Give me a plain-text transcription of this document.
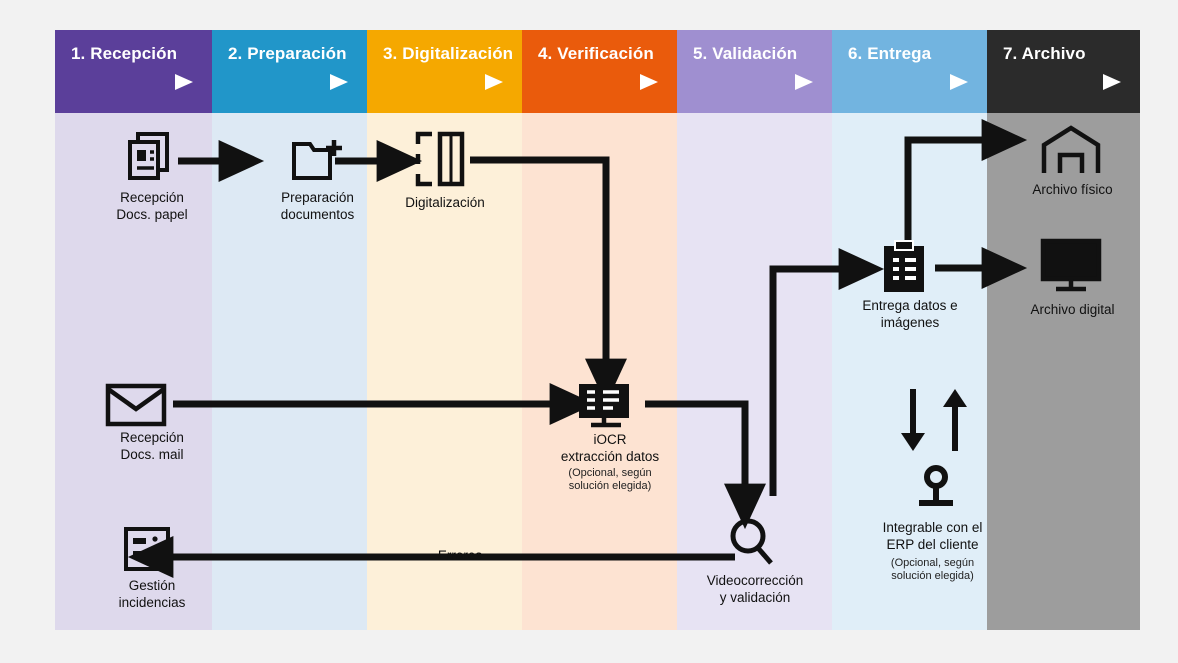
1. Recepción	2. Preparación	3. Digitalización 4. Verificación	5. Validación	6. Entrega	7. Archivo
Recepción
Docs. papel
Preparación
documentos
Digitalización
Recepción
Docs. mail
iOCR
extracción datos
(Opcional, según
solución elegida)
Gestión
incidencias
Errores
Videocorrección
y validación
Entrega datos e
imágenes
Integrable con el
ERP del cliente
(Opcional, según
solución elegida)
Archivo físico
Archivo digital
